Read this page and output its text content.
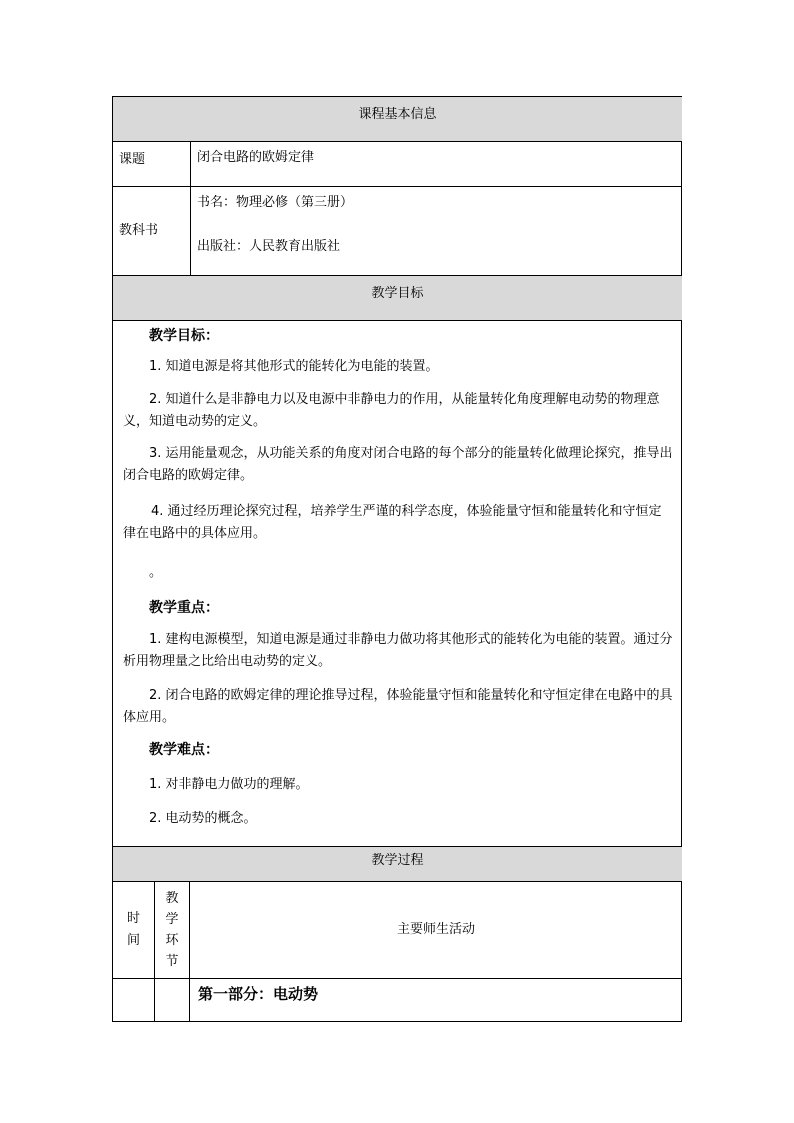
课程基本信息
课题	闭合电路的欧姆定律
教科书
书名：物理必修（第三册）
出版社：人民教育出版社
教学目标
教学目标：
1. 知道电源是将其他形式的能转化为电能的装置。
2. 知道什么是非静电力以及电源中非静电力的作用，从能量转化角度理解电动势的物理意义，知道电动势的定义。
3. 运用能量观念，从功能关系的角度对闭合电路的每个部分的能量转化做理论探究，推导出闭合电路的欧姆定律。
4. 通过经历理论探究过程，培养学生严谨的科学态度，体验能量守恒和能量转化和守恒定律在电路中的具体应用。
。
教学重点：
1. 建构电源模型，知道电源是通过非静电力做功将其他形式的能转化为电能的装置。通过分析用物理量之比给出电动势的定义。
2. 闭合电路的欧姆定律的理论推导过程，体验能量守恒和能量转化和守恒定律在电路中的具体应用。
教学难点：
1. 对非静电力做功的理解。
2. 电动势的概念。
教学过程
时间
教学环节
主要师生活动
第一部分：电动势
